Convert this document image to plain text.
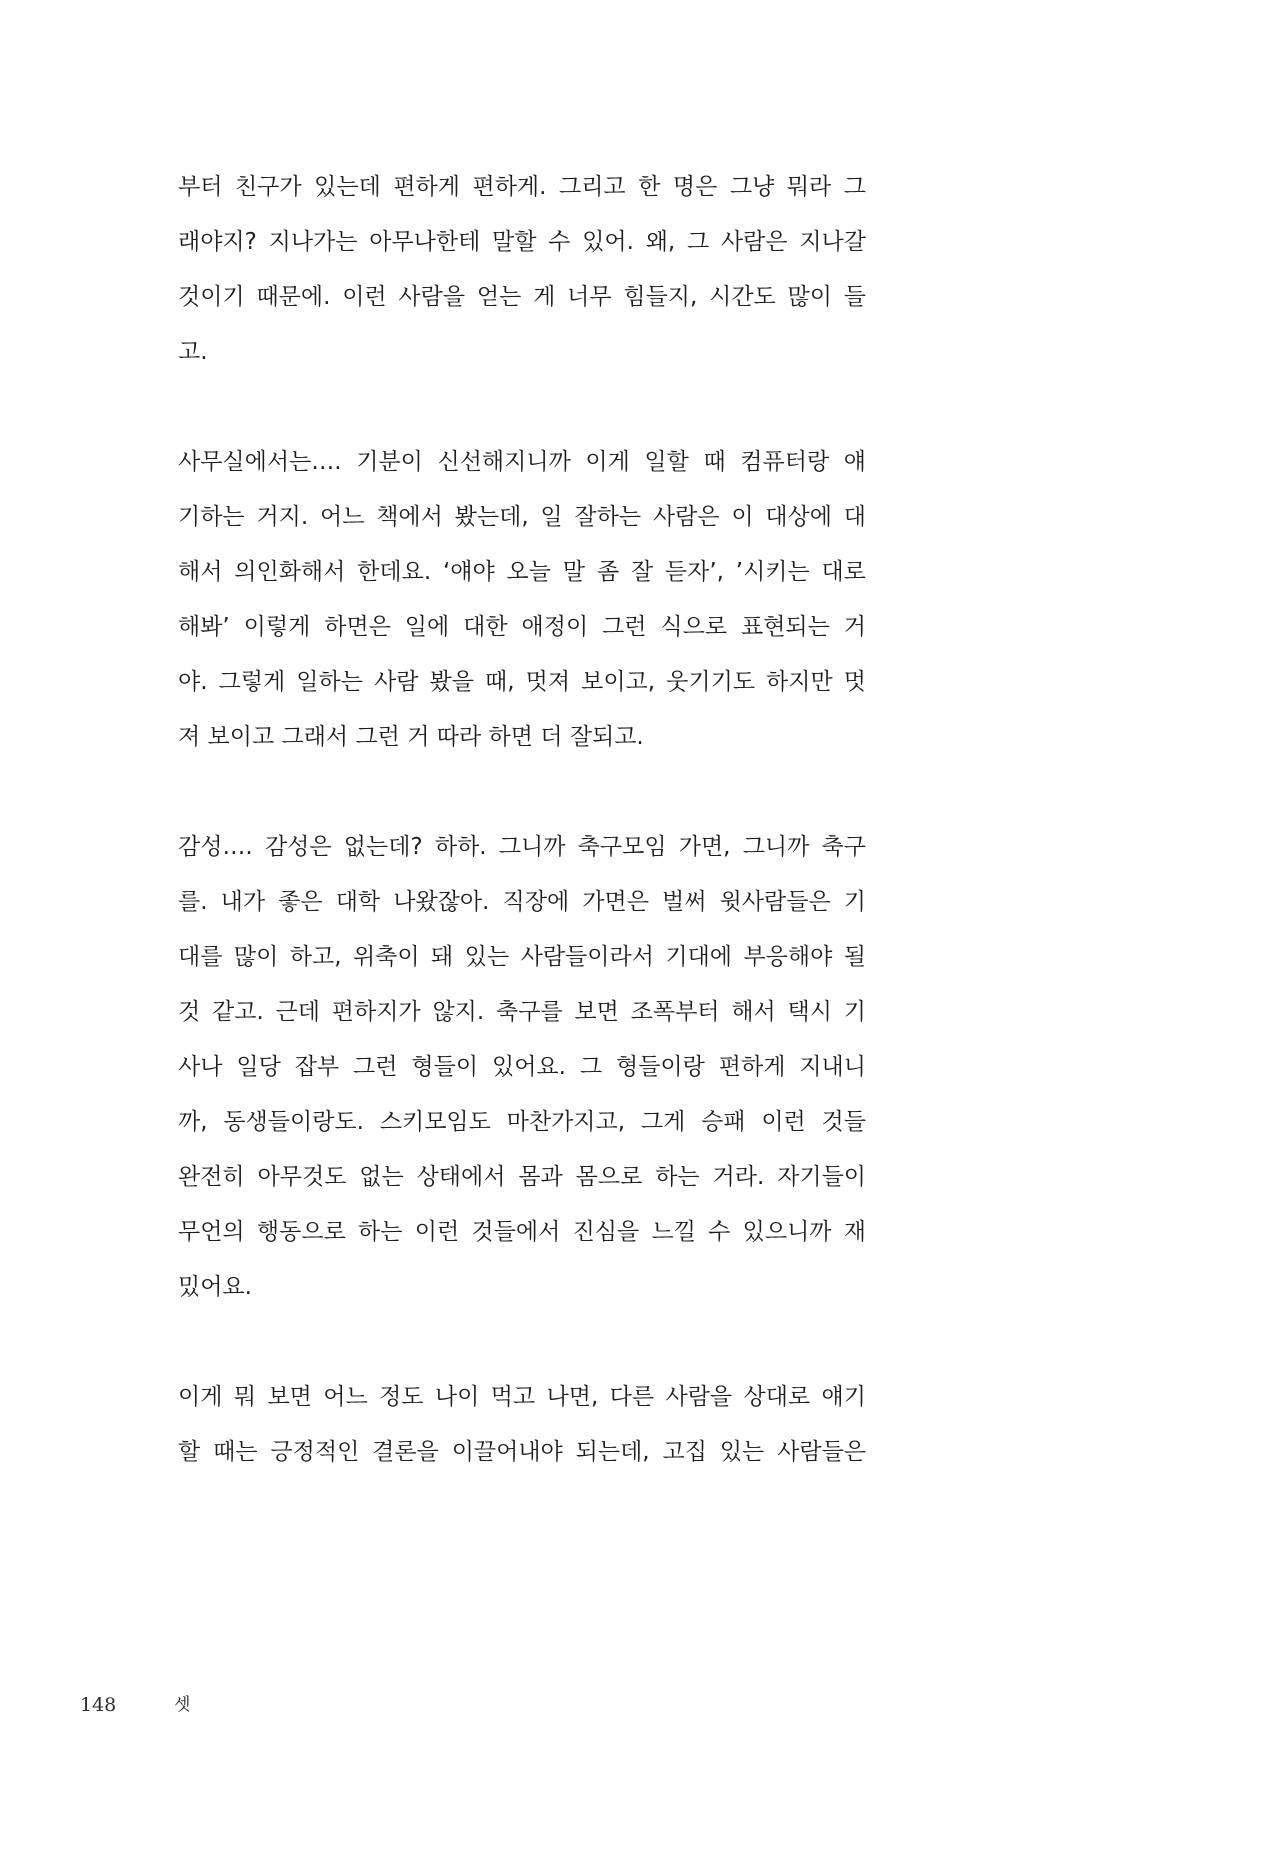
부터 친구가 있는데 편하게 편하게. 그리고 한 명은 그냥 뭐라 그
래야지? 지나가는 아무나한테 말할 수 있어. 왜, 그 사람은 지나갈
것이기 때문에. 이런 사람을 얻는 게 너무 힘들지, 시간도 많이 들
고.
사무실에서는…. 기분이 신선해지니까 이게 일할 때 컴퓨터랑 얘
기하는 거지. 어느 책에서 봤는데, 일 잘하는 사람은 이 대상에 대
해서 의인화해서 한데요. ‘얘야 오늘 말 좀 잘 듣자’, ’시키는 대로
해봐’ 이렇게 하면은 일에 대한 애정이 그런 식으로 표현되는 거
야. 그렇게 일하는 사람 봤을 때, 멋져 보이고, 웃기기도 하지만 멋
져 보이고 그래서 그런 거 따라 하면 더 잘되고.
감성…. 감성은 없는데? 하하. 그니까 축구모임 가면, 그니까 축구
를. 내가 좋은 대학 나왔잖아. 직장에 가면은 벌써 윗사람들은 기
대를 많이 하고, 위축이 돼 있는 사람들이라서 기대에 부응해야 될
것 같고. 근데 편하지가 않지. 축구를 보면 조폭부터 해서 택시 기
사나 일당 잡부 그런 형들이 있어요. 그 형들이랑 편하게 지내니
까, 동생들이랑도. 스키모임도 마찬가지고, 그게 승패 이런 것들
완전히 아무것도 없는 상태에서 몸과 몸으로 하는 거라. 자기들이
무언의 행동으로 하는 이런 것들에서 진심을 느낄 수 있으니까 재
밌어요.
이게 뭐 보면 어느 정도 나이 먹고 나면, 다른 사람을 상대로 얘기
할 때는 긍정적인 결론을 이끌어내야 되는데, 고집 있는 사람들은
148	셋
